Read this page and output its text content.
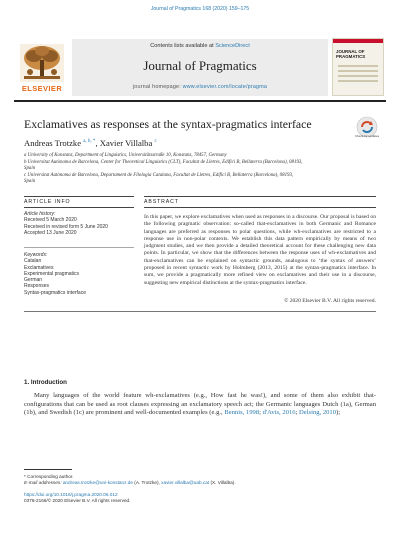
Journal of Pragmatics 168 (2020) 159–175
ELSEVIER
Contents lists available at ScienceDirect
Journal of Pragmatics
journal homepage: www.elsevier.com/locate/pragma
JOURNAL OF PRAGMATICS
Exclamatives as responses at the syntax-pragmatics interface
Check for updates
Andreas Trotzke $^{a, b, *}$, Xavier Villalba $^c$
a University of Konstanz, Department of Linguistics, Universitätsstraße 10, Konstanz, 78457, Germany
b Universitat Autònoma de Barcelona, Center for Theoretical Linguistics (CLT), Facultat de Lletres, Edifici B, Bellaterra (Barcelona), 08193,
Spain
c Universitat Autònoma de Barcelona, Departament de Filologia Catalana, Facultat de Lletres, Edifici B, Bellaterra (Barcelona), 08193,
Spain
ARTICLE INFO
Article history:
Received 5 March 2020
Received in revised form 5 June 2020
Accepted 13 June 2020
Keywords:
Catalan
Exclamatives
Experimental pragmatics
German
Responses
Syntax-pragmatics interface
ABSTRACT
In this paper, we explore exclamatives when used as responses in a discourse. Our proposal is based on the following pragmatic observation: so-called that-exclamatives in both Germanic and Romance languages are preferred as responses to polar questions, while wh-exclamatives are restricted to a response use in non-polar contexts. We establish this data pattern empirically by means of two judgment studies, and we then provide a detailed theoretical account for these challenging new data points. In particular, we show that the differences between the response uses of wh-exclamatives and that-exclamatives can be explained on syntactic grounds, analogous to ‘the syntax of answers’ proposed in recent syntactic work by Holmberg (2013, 2015) at the syntax-pragmatics interface. In sum, we provide a pragmatically more refined view on exclamatives and their use in a discourse, suggesting new empirical distinctions at the syntax-pragmatics interface.
© 2020 Elsevier B.V. All rights reserved.
1. Introduction
Many languages of the world feature wh-exclamatives (e.g., How fast he was!), and some of them also exhibit that-configurations that can be used as root clauses expressing an exclamatory speech act; the Germanic languages Dutch (1a), German (1b), and Swedish (1c) are prominent and well-documented examples (e.g., Bennis, 1998; d'Avis, 2016; Delsing, 2010);
* Corresponding author.
E-mail addresses: andreas.trotzke@uni-konstanz.de (A. Trotzke), xavier.villalba@uab.cat (X. Villalba).
https://doi.org/10.1016/j.pragma.2020.06.012
0378-2166/© 2020 Elsevier B.V. All rights reserved.
